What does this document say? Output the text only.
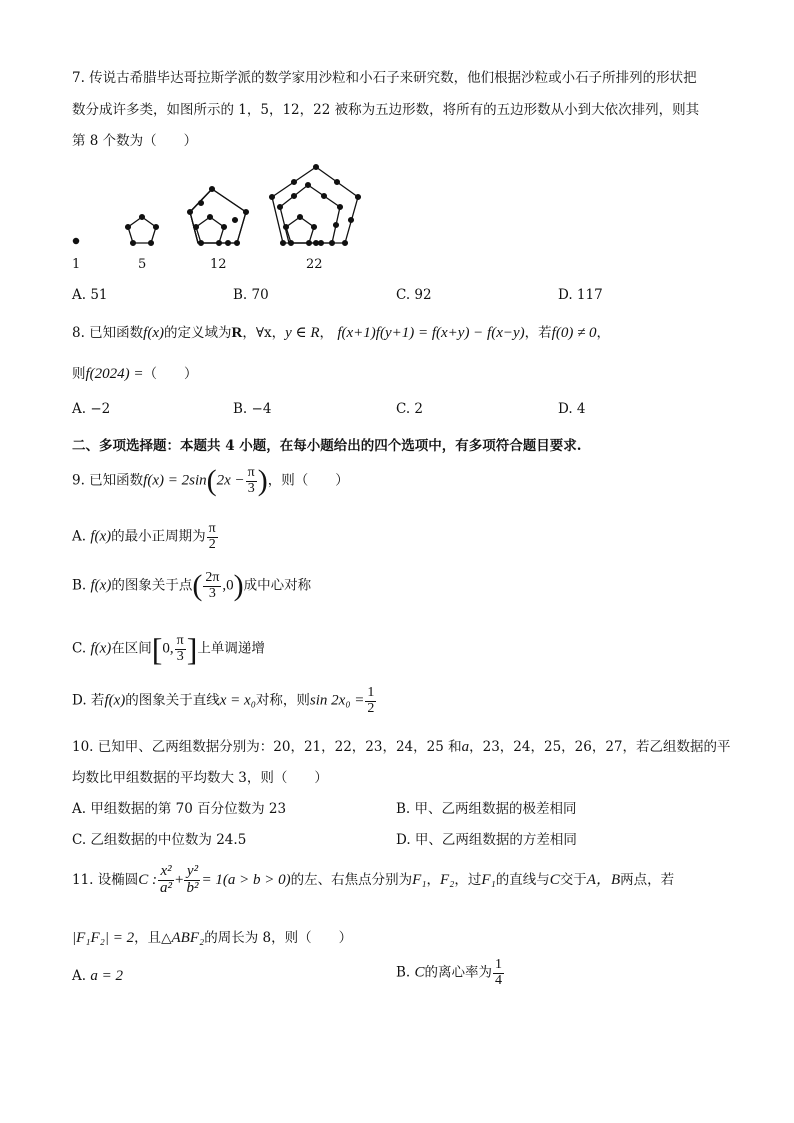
7. 传说古希腊毕达哥拉斯学派的数学家用沙粒和小石子来研究数，他们根据沙粒或小石子所排列的形状把
数分成许多类，如图所示的 1，5，12，22 被称为五边形数，将所有的五边形数从小到大依次排列，则其
第 8 个数为（　　）
1	5	12	22
A. 51	B. 70	C. 92	D. 117
8. 已知函数f(x)的定义域为R，∀x，y ∈ R， f(x+1)f(y+1) = f(x+y) − f(x−y)，若f(0) ≠ 0，
则f(2024) =（　　）
A. −2	B. −4	C. 2	D. 4
二、多项选择题：本题共 4 小题，在每小题给出的四个选项中，有多项符合题目要求.
9. 已知函数$f(x) = 2\sin(2x - \frac{\pi}{3}$ )，则（　　）
A. f(x)的最小正周期为 $\frac{\pi}{2}$
B. f(x)的图象关于点( $\frac{2\pi}{3} ,0$)成中心对称
C. f(x)在区间[0, $\frac{\pi}{3}$ ]上单调递增
D. 若f(x)的图象关于直线x = x₀对称，则$\sin 2x_0 = \frac{1}{2}$
10. 已知甲、乙两组数据分别为：20，21，22，23，24，25 和a，23，24，25，26，27，若乙组数据的平
均数比甲组数据的平均数大 3，则（　　）
A. 甲组数据的第 70 百分位数为 23	B. 甲、乙两组数据的极差相同
C. 乙组数据的中位数为 24.5	D. 甲、乙两组数据的方差相同
11. 设椭圆C : $\frac{\text{x²}}{\text{a²}} + \frac{\text{y²}}{\text{b²}} = 1(a > b > 0)$的左、右焦点分别为F₁，F₂，过F₁的直线与C交于A，B两点，若
|F₁F₂| = 2，且△ABF₂的周长为 8，则（　　）
A. a = 2	B. C的离心率为 $\frac{1}{4}$
